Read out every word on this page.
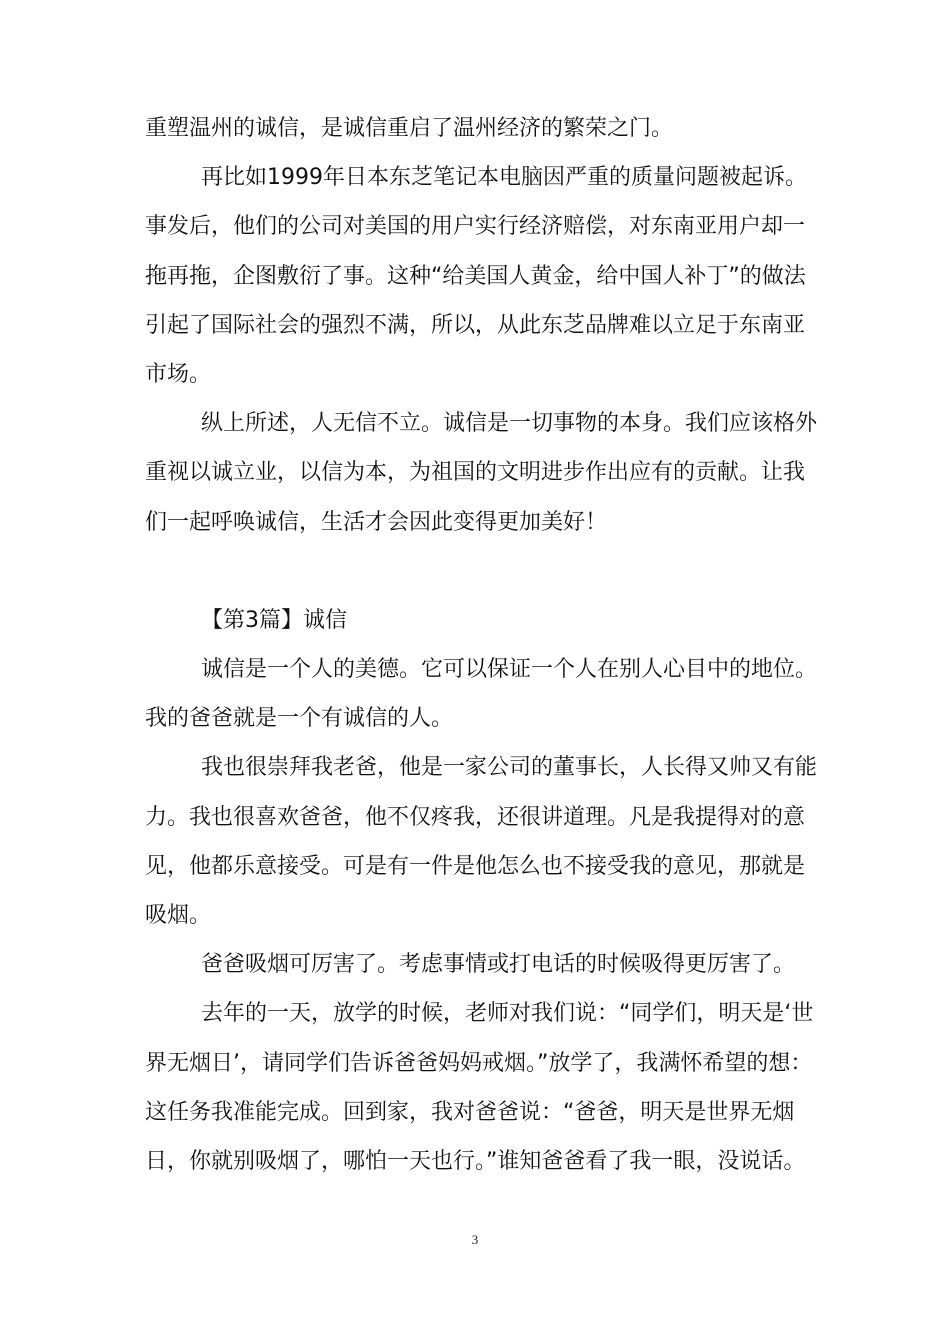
重塑温州的诚信，是诚信重启了温州经济的繁荣之门。

再比如1999年日本东芝笔记本电脑因严重的质量问题被起诉。事发后，他们的公司对美国的用户实行经济赔偿，对东南亚用户却一拖再拖，企图敷衍了事。这种“给美国人黄金，给中国人补丁”的做法引起了国际社会的强烈不满，所以，从此东芝品牌难以立足于东南亚市场。

纵上所述，人无信不立。诚信是一切事物的本身。我们应该格外重视以诚立业，以信为本，为祖国的文明进步作出应有的贡献。让我们一起呼唤诚信，生活才会因此变得更加美好！

【第3篇】诚信

诚信是一个人的美德。它可以保证一个人在别人心目中的地位。我的爸爸就是一个有诚信的人。

我也很崇拜我老爸，他是一家公司的董事长，人长得又帅又有能力。我也很喜欢爸爸，他不仅疼我，还很讲道理。凡是我提得对的意见，他都乐意接受。可是有一件是他怎么也不接受我的意见，那就是吸烟。

爸爸吸烟可厉害了。考虑事情或打电话的时候吸得更厉害了。

去年的一天，放学的时候，老师对我们说：“同学们，明天是‘世界无烟日’，请同学们告诉爸爸妈妈戒烟。”放学了，我满怀希望的想：这任务我准能完成。回到家，我对爸爸说：“爸爸，明天是世界无烟日，你就别吸烟了，哪怕一天也行。”谁知爸爸看了我一眼，没说话。

3
